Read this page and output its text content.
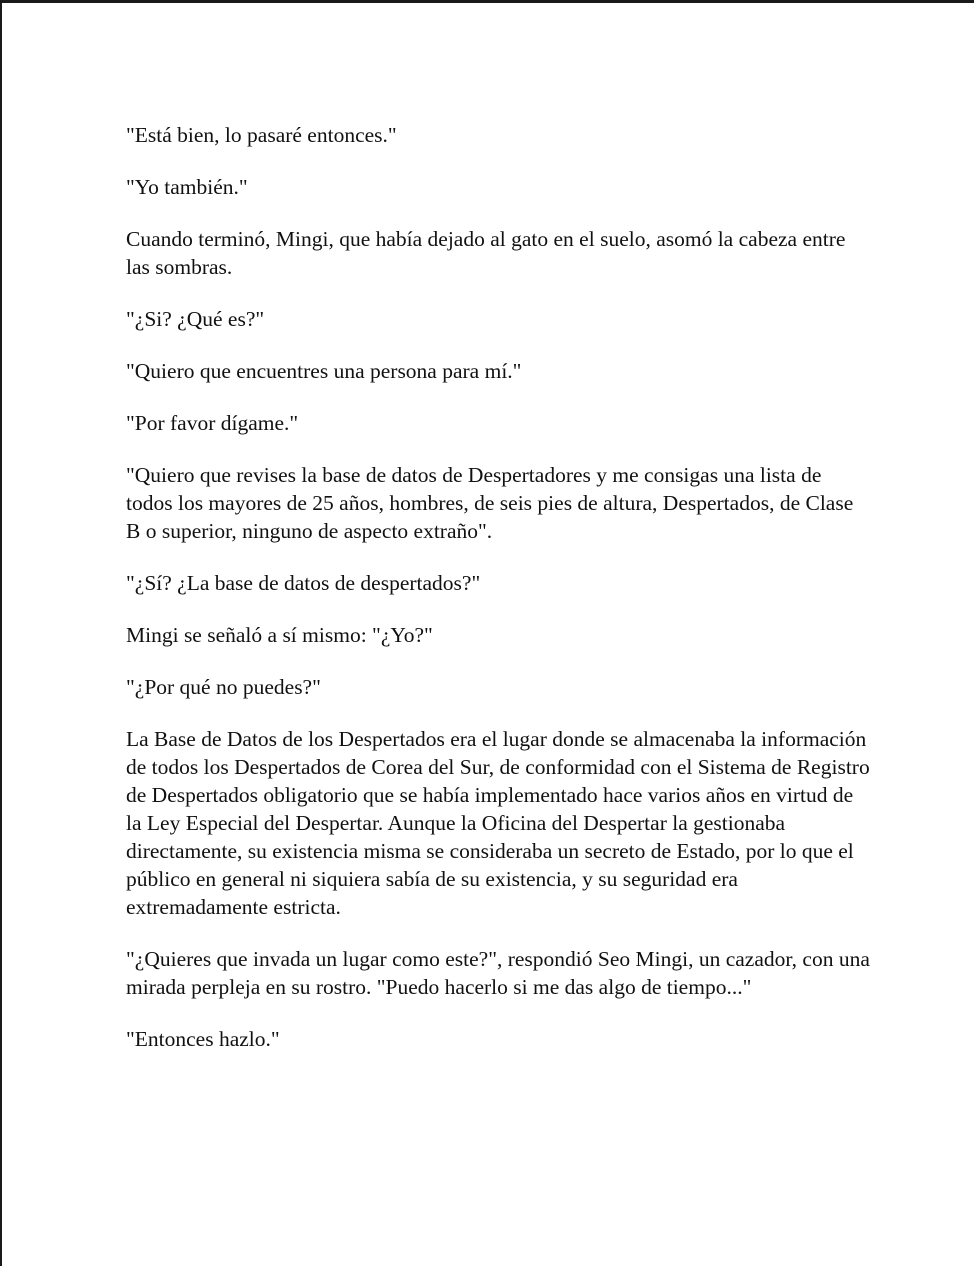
"Está bien, lo pasaré entonces."

"Yo también."

Cuando terminó, Mingi, que había dejado al gato en el suelo, asomó la cabeza entre las sombras.

"¿Si? ¿Qué es?"

"Quiero que encuentres una persona para mí."

"Por favor dígame."

"Quiero que revises la base de datos de Despertadores y me consigas una lista de todos los mayores de 25 años, hombres, de seis pies de altura, Despertados, de Clase B o superior, ninguno de aspecto extraño".

"¿Sí? ¿La base de datos de despertados?"

Mingi se señaló a sí mismo: "¿Yo?"

"¿Por qué no puedes?"

La Base de Datos de los Despertados era el lugar donde se almacenaba la información de todos los Despertados de Corea del Sur, de conformidad con el Sistema de Registro de Despertados obligatorio que se había implementado hace varios años en virtud de la Ley Especial del Despertar. Aunque la Oficina del Despertar la gestionaba directamente, su existencia misma se consideraba un secreto de Estado, por lo que el público en general ni siquiera sabía de su existencia, y su seguridad era extremadamente estricta.

"¿Quieres que invada un lugar como este?", respondió Seo Mingi, un cazador, con una mirada perpleja en su rostro. "Puedo hacerlo si me das algo de tiempo..."

"Entonces hazlo."
